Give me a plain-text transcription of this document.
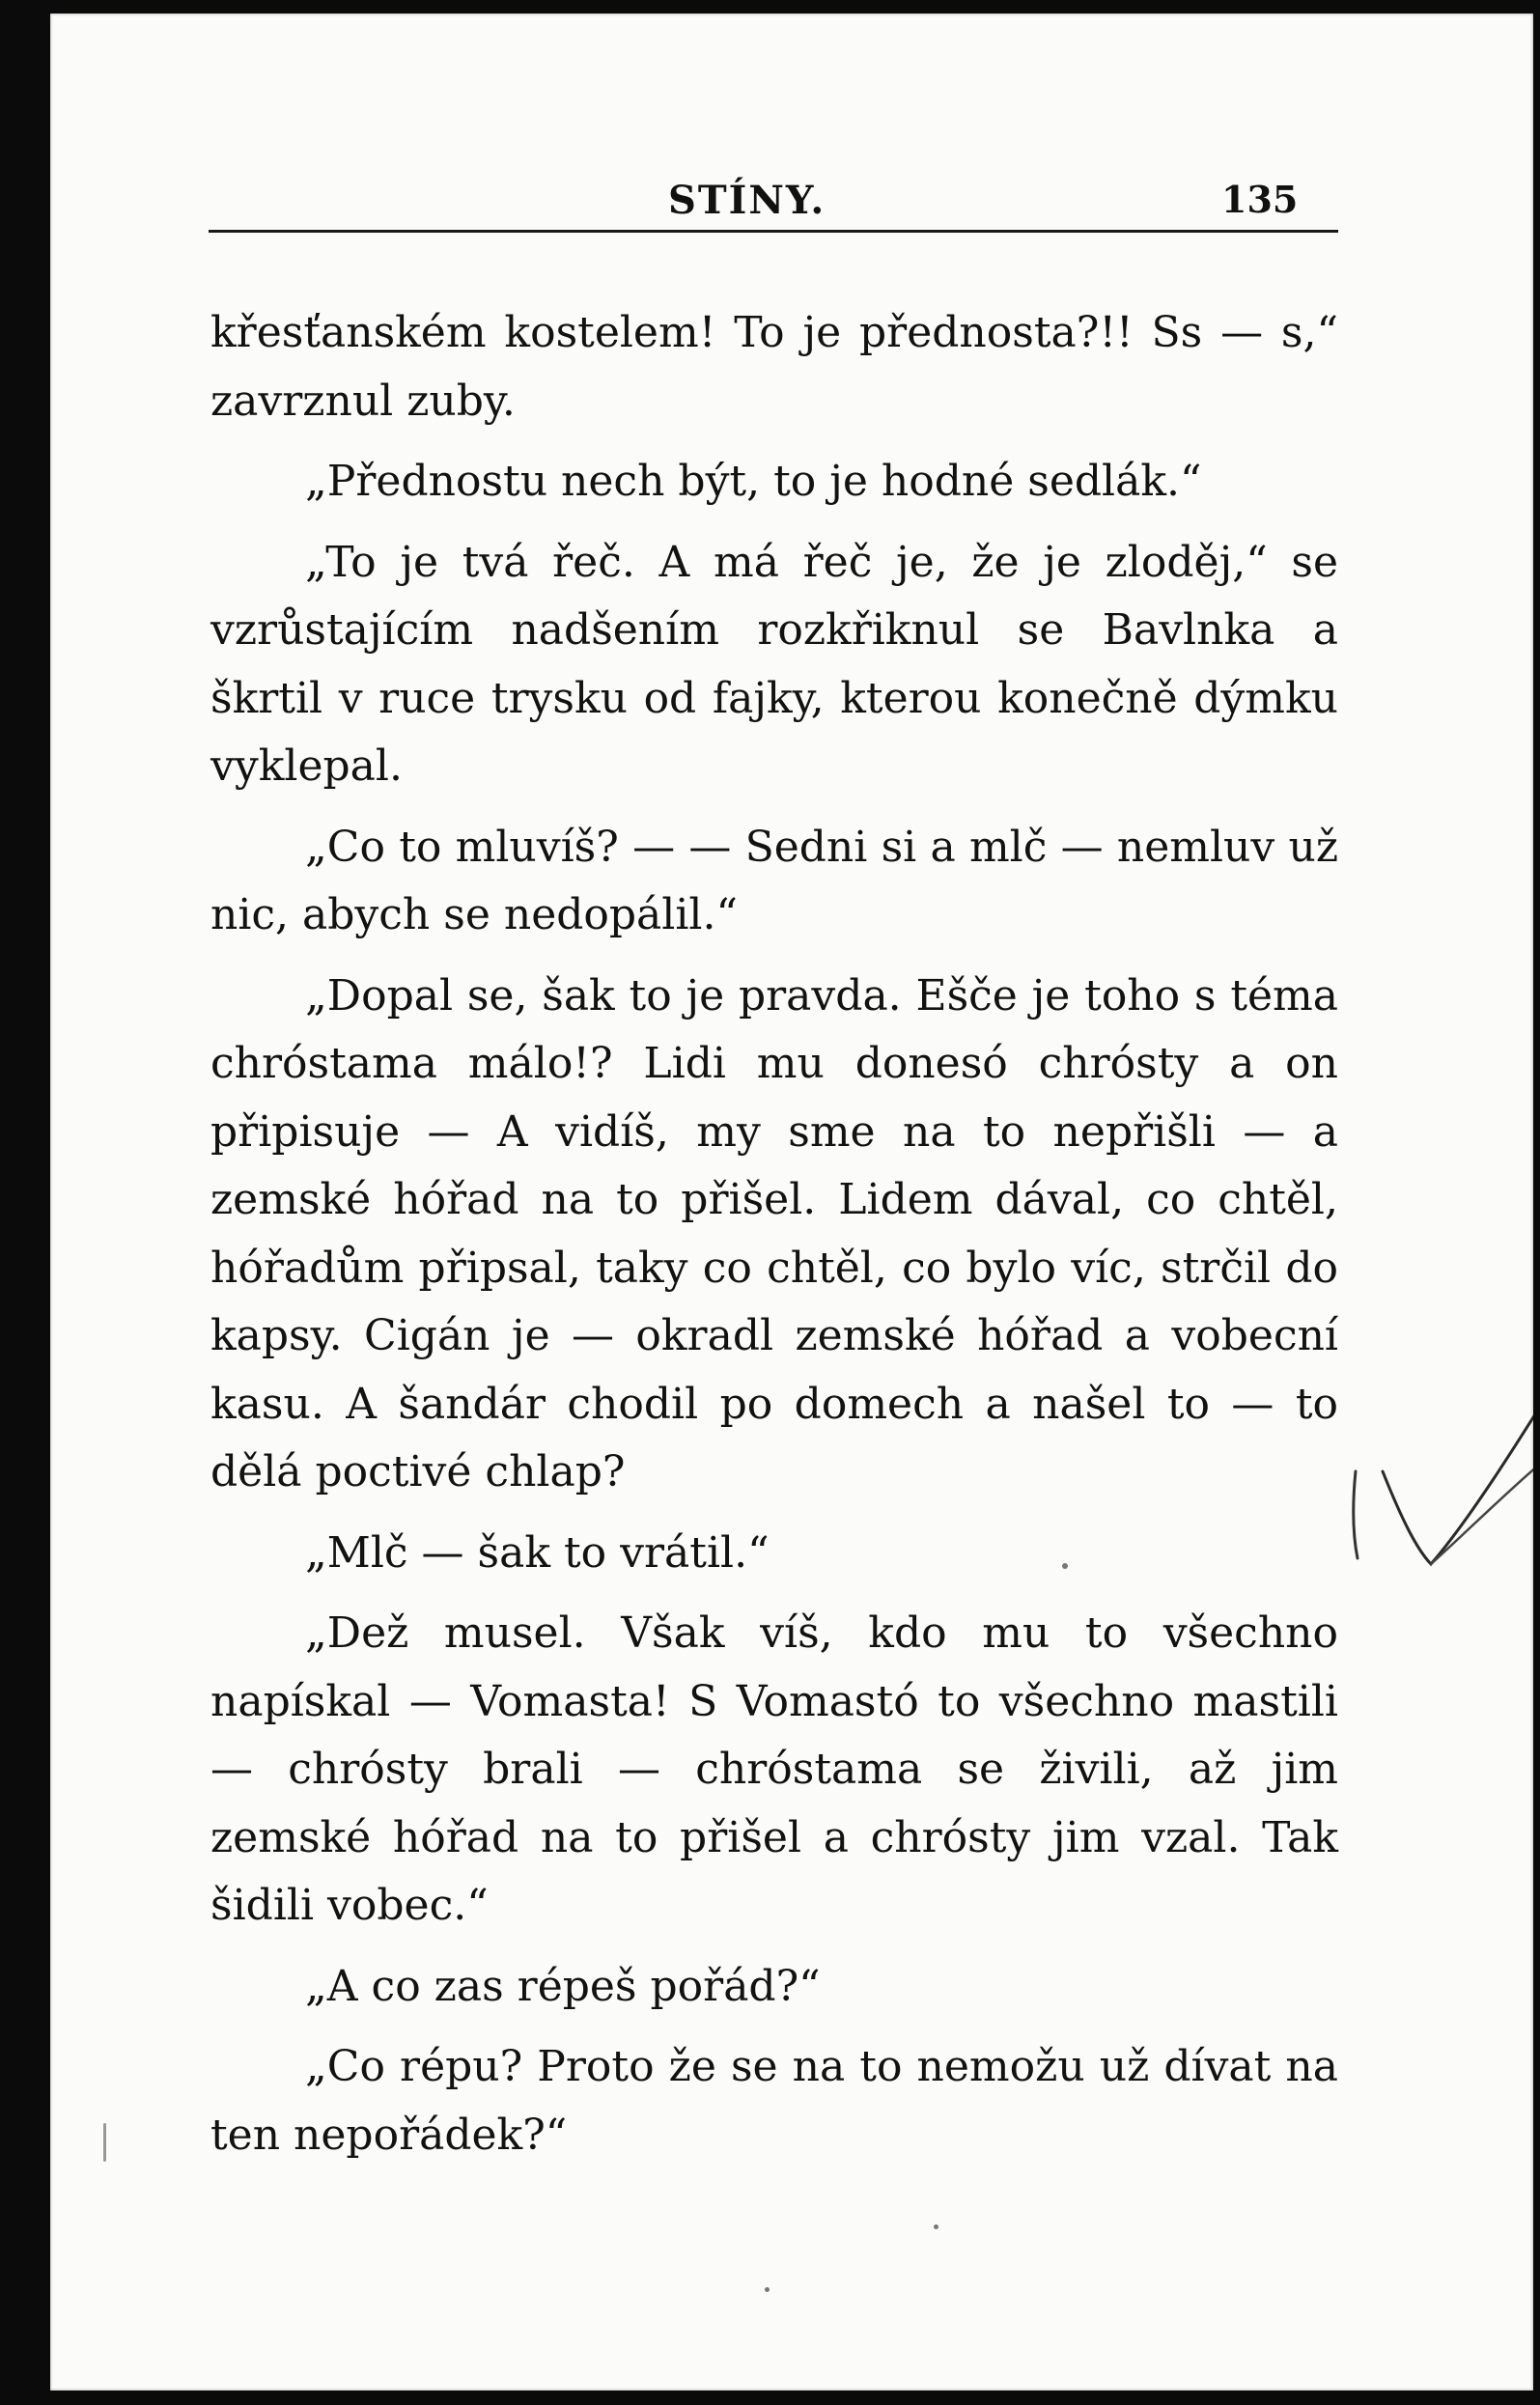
STÍNY.	135

křesťanském kostelem! To je přednosta?!! Ss — s,“ zavrznul zuby.

„Přednostu nech být, to je hodné sedlák.“

„To je tvá řeč. A má řeč je, že je zloděj,“ se vzrůstajícím nadšením rozkřiknul se Bavlnka a škrtil v ruce trysku od fajky, kterou konečně dýmku vyklepal.

„Co to mluvíš? — — Sedni si a mlč — nemluv už nic, abych se nedopálil.“

„Dopal se, šak to je pravda. Ešče je toho s téma chróstama málo!? Lidi mu donesó chrósty a on připisuje — A vidíš, my sme na to nepřišli — a zemské hóřad na to přišel. Lidem dával, co chtěl, hóřadům připsal, taky co chtěl, co bylo víc, strčil do kapsy. Cigán je — okradl zemské hóřad a vobecní kasu. A šandár chodil po domech a našel to — to dělá poctivé chlap?

„Mlč — šak to vrátil.“

„Dež musel. Však víš, kdo mu to všechno napískal — Vomasta! S Vomastó to všechno mastili — chrósty brali — chróstama se živili, až jim zemské hóřad na to přišel a chrósty jim vzal. Tak šidili vobec.“

„A co zas répeš pořád?“

„Co répu? Proto že se na to nemožu už dívat na ten nepořádek?“
